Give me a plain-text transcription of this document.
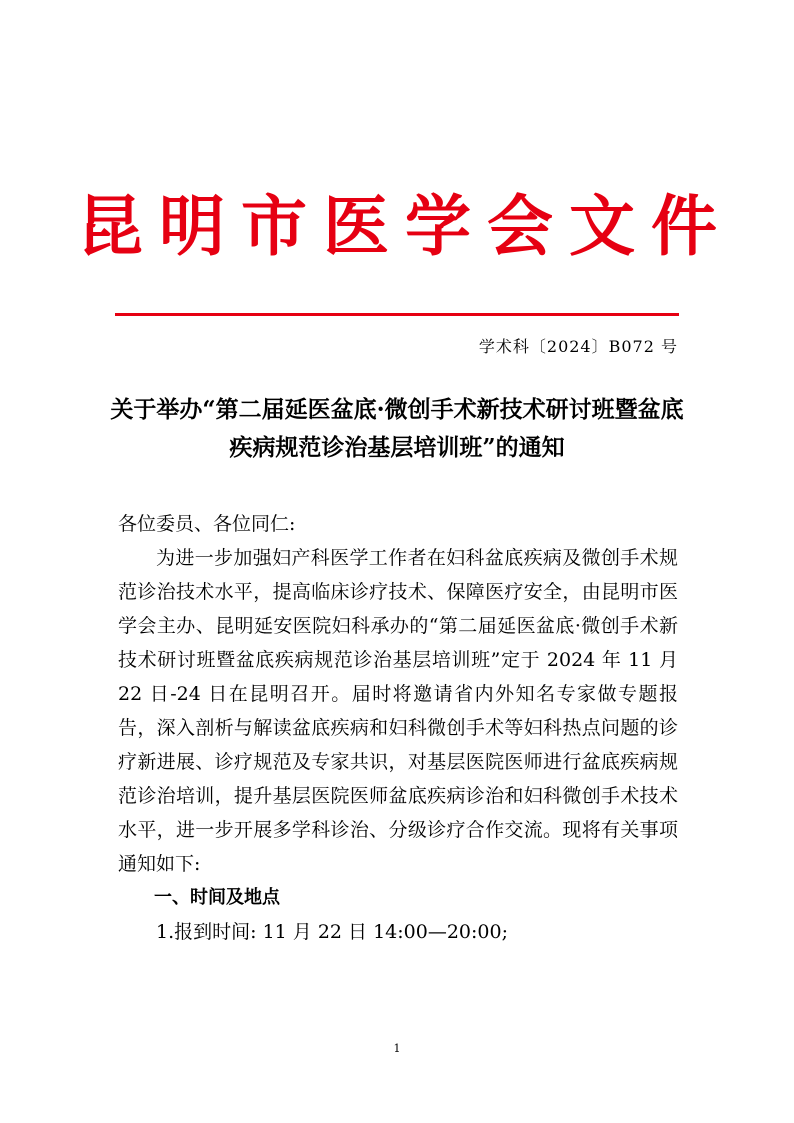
昆明市医学会文件
学术科〔2024〕B072 号
关于举办“第二届延医盆底·微创手术新技术研讨班暨盆底疾病规范诊治基层培训班”的通知

各位委员、各位同仁:

为进一步加强妇产科医学工作者在妇科盆底疾病及微创手术规范诊治技术水平，提高临床诊疗技术、保障医疗安全，由昆明市医学会主办、昆明延安医院妇科承办的“第二届延医盆底·微创手术新技术研讨班暨盆底疾病规范诊治基层培训班”定于 2024 年 11 月 22 日-24 日在昆明召开。届时将邀请省内外知名专家做专题报告，深入剖析与解读盆底疾病和妇科微创手术等妇科热点问题的诊疗新进展、诊疗规范及专家共识，对基层医院医师进行盆底疾病规范诊治培训，提升基层医院医师盆底疾病诊治和妇科微创手术技术水平，进一步开展多学科诊治、分级诊疗合作交流。现将有关事项通知如下:

一、时间及地点

1.报到时间: 11 月 22 日 14:00—20:00;

1
